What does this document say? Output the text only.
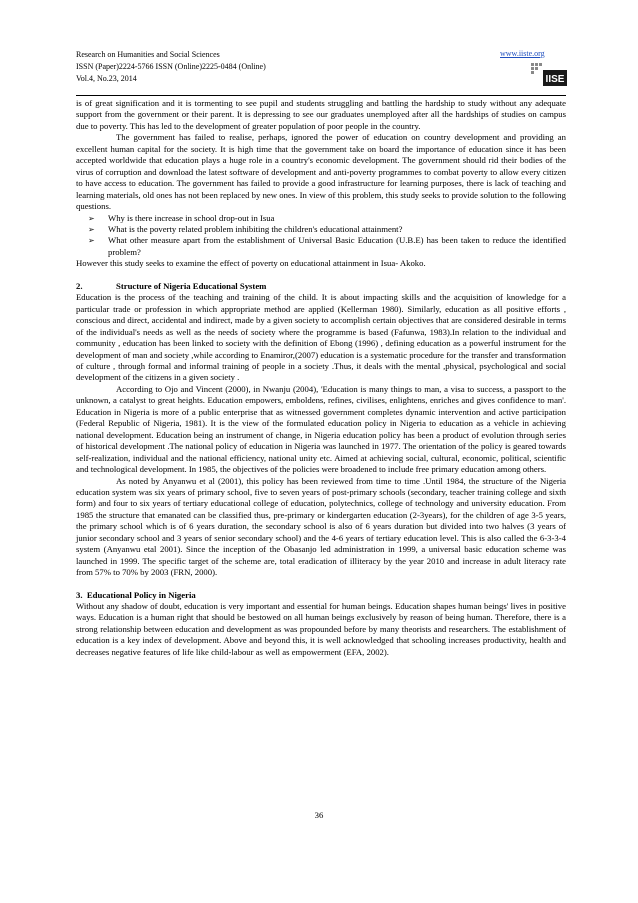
Research on Humanities and Social Sciences
ISSN (Paper)2224-5766 ISSN (Online)2225-0484 (Online)
Vol.4, No.23, 2014
www.iiste.org
IISE

is of great signification and it is tormenting to see pupil and students struggling and battling the hardship to study without any adequate support from the government or their parent. It is depressing to see our graduates unemployed after all the hardships of studies on campus due to poverty. This has led to the development of greater population of poor people in the country.

The government has failed to realise, perhaps, ignored the power of education on country development and providing an excellent human capital for the society. It is high time that the government take on board the importance of education since it has been accepted worldwide that education plays a huge role in a country's economic development. The government should rid their bodies of the virus of corruption and download the latest software of development and anti-poverty programmes to combat poverty to allow every citizen to have access to education. The government has failed to provide a good infrastructure for learning purposes, there is lack of teaching and learning materials, old ones has not been replaced by new ones. In view of this problem, this study seeks to provide solution to the following questions.

➢ Why is there increase in school drop-out in Isua
➢ What is the poverty related problem inhibiting the children's educational attainment?
➢ What other measure apart from the establishment of Universal Basic Education (U.B.E) has been taken to reduce the identified problem?

However this study seeks to examine the effect of poverty on educational attainment in Isua- Akoko.

2.	Structure of Nigeria Educational System

Education is the process of the teaching and training of the child. It is about impacting skills and the acquisition of knowledge for a particular trade or profession in which appropriate method are applied (Kellerman 1980). Similarly, education as all positive efforts , conscious and direct, accidental and indirect, made by a given society to accomplish certain objectives that are considered desirable in terms of the individual's needs as well as the needs of society where the programme is based (Fafunwa, 1983).In relation to the individual and community , education has been linked to society with the definition of Ebong (1996) , defining education as a powerful instrument for the development of man and society ,while according to Enamiror,(2007) education is a systematic procedure for the transfer and transformation of culture , through formal and informal training of people in a society .Thus, it deals with the mental ,physical, psychological and social development of the citizens in a given society .

According to Ojo and Vincent (2000), in Nwanju (2004), 'Education is many things to man, a visa to success, a passport to the unknown, a catalyst to great heights. Education empowers, emboldens, refines, civilises, enlightens, enriches and gives confidence to man'. Education in Nigeria is more of a public enterprise that as witnessed government completes dynamic intervention and active participation (Federal Republic of Nigeria, 1981). It is the view of the formulated education policy in Nigeria to education as a vehicle in achieving national development. Education being an instrument of change, in Nigeria education policy has been a product of evolution through series of historical development .The national policy of education in Nigeria was launched in 1977. The orientation of the policy is geared towards self-realization, individual and the national efficiency, national unity etc. Aimed at achieving social, cultural, economic, political, scientific and technological development. In 1985, the objectives of the policies were broadened to include free primary education among others.

As noted by Anyanwu et al (2001), this policy has been reviewed from time to time .Until 1984, the structure of the Nigeria education system was six years of primary school, five to seven years of post-primary schools (secondary, teacher training college and sixth form) and four to six years of tertiary educational college of education, polytechnics, college of technology and university education. From 1985 the structure that emanated can be classified thus, pre-primary or kindergarten education (2-3years), for the children of age 3-5 years, the primary school which is of 6 years duration, the secondary school is also of 6 years duration but divided into two halves (3 years of junior secondary school and 3 years of senior secondary school) and the 4-6 years of tertiary education level. This is also called the 6-3-3-4 system (Anyanwu etal 2001). Since the inception of the Obasanjo led administration in 1999, a universal basic education scheme was launched in 1999. The specific target of the scheme are, total eradication of illiteracy by the year 2010 and increase in adult literacy rate from 57% to 70% by 2003 (FRN, 2000).

3. Educational Policy in Nigeria

Without any shadow of doubt, education is very important and essential for human beings. Education shapes human beings' lives in positive ways. Education is a human right that should be bestowed on all human beings exclusively by reason of being human. Therefore, there is a strong relationship between education and development as was propounded before by many theorists and researchers. The establishment of education is a key index of development. Above and beyond this, it is well acknowledged that schooling increases productivity, health and decreases negative features of life like child-labour as well as empowerment (EFA, 2002).

36
